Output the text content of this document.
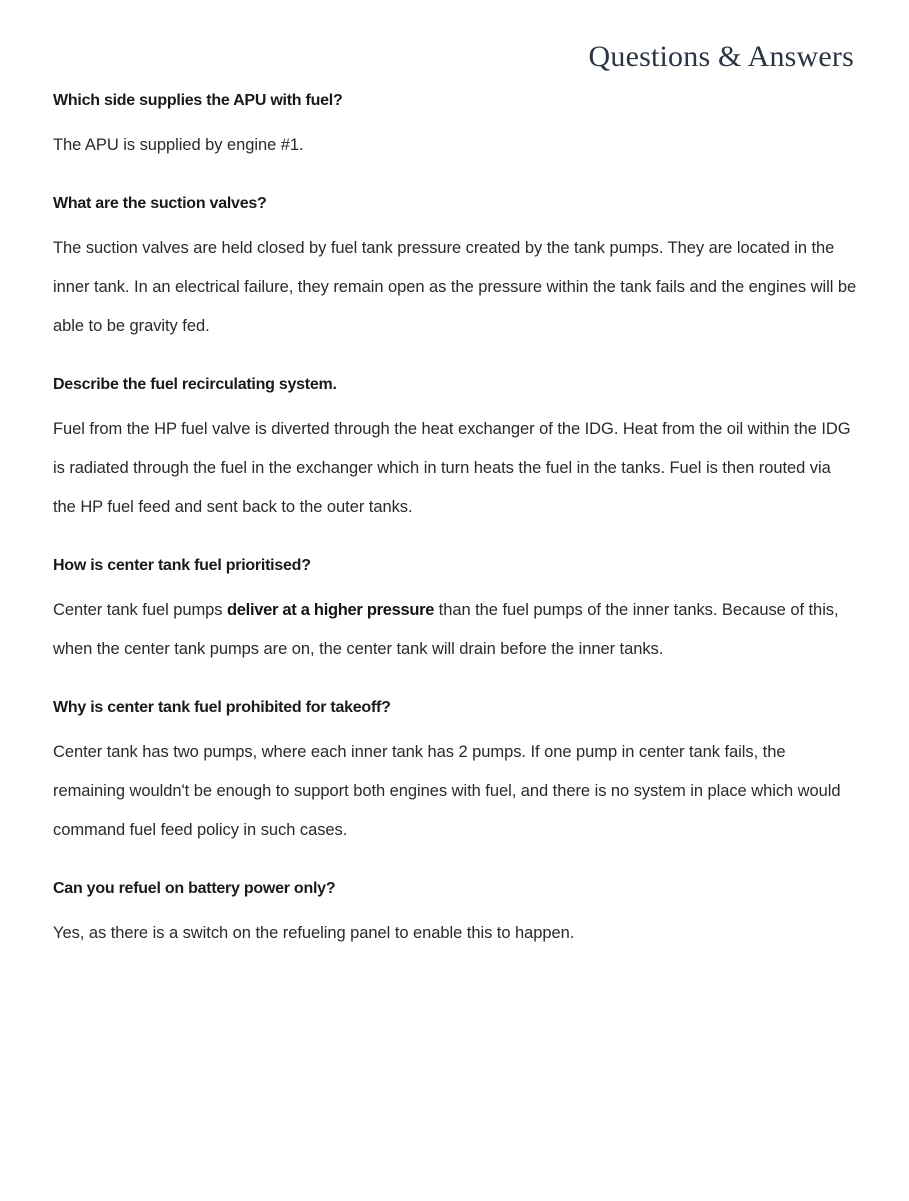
Questions & Answers
Which side supplies the APU with fuel?

The APU is supplied by engine #1.

What are the suction valves?

The suction valves are held closed by fuel tank pressure created by the tank pumps. They are located in the inner tank. In an electrical failure, they remain open as the pressure within the tank fails and the engines will be able to be gravity fed.

Describe the fuel recirculating system.

Fuel from the HP fuel valve is diverted through the heat exchanger of the IDG. Heat from the oil within the IDG is radiated through the fuel in the exchanger which in turn heats the fuel in the tanks. Fuel is then routed via the HP fuel feed and sent back to the outer tanks.

How is center tank fuel prioritised?

Center tank fuel pumps deliver at a higher pressure than the fuel pumps of the inner tanks. Because of this, when the center tank pumps are on, the center tank will drain before the inner tanks.

Why is center tank fuel prohibited for takeoff?

Center tank has two pumps, where each inner tank has 2 pumps. If one pump in center tank fails, the remaining wouldn't be enough to support both engines with fuel, and there is no system in place which would command fuel feed policy in such cases.

Can you refuel on battery power only?

Yes, as there is a switch on the refueling panel to enable this to happen.
